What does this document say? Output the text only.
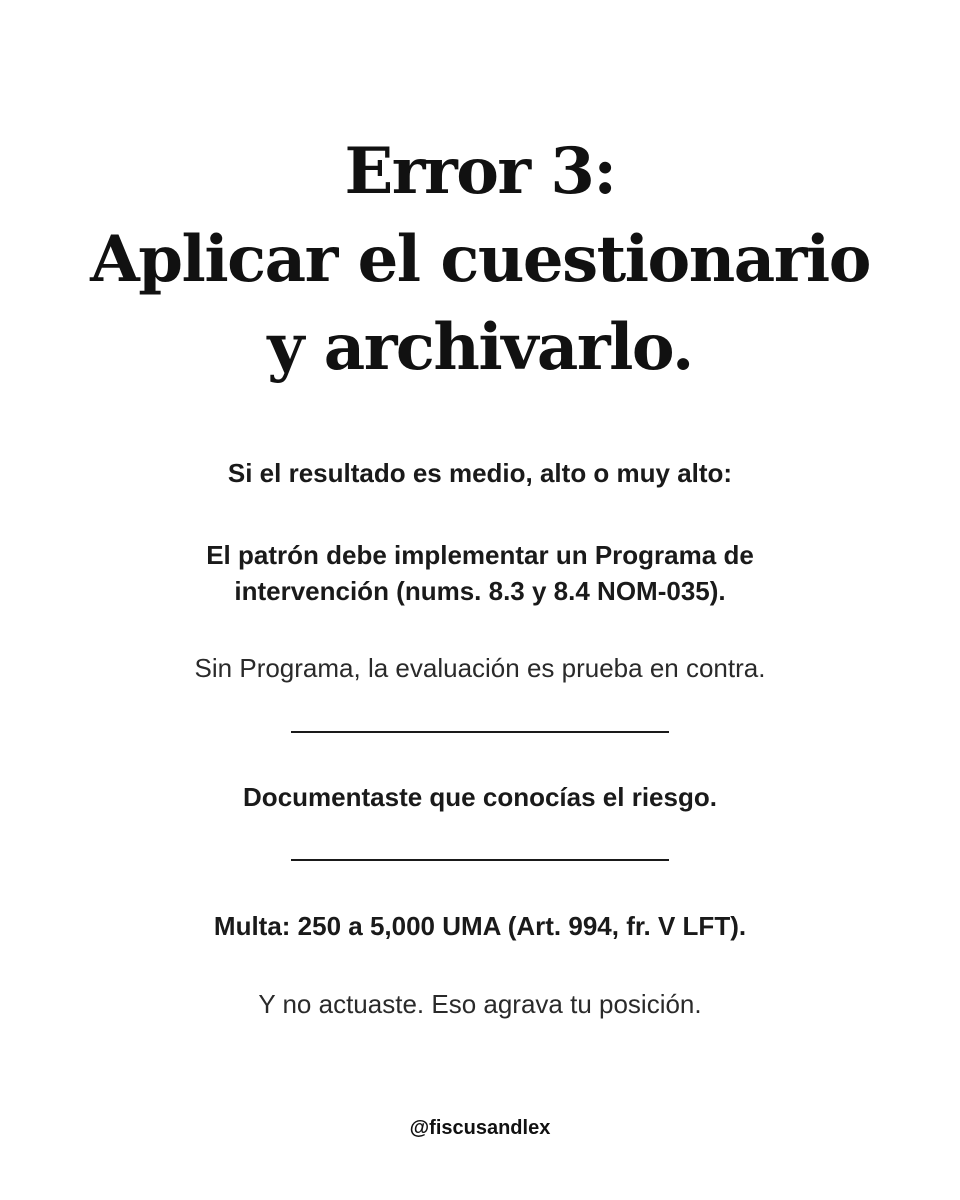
Error 3:
Aplicar el cuestionario
y archivarlo.

Si el resultado es medio, alto o muy alto:

El patrón debe implementar un Programa de
intervención (nums. 8.3 y 8.4 NOM-035).

Sin Programa, la evaluación es prueba en contra.

Documentaste que conocías el riesgo.

Multa: 250 a 5,000 UMA (Art. 994, fr. V LFT).

Y no actuaste. Eso agrava tu posición.

@fiscusandlex
